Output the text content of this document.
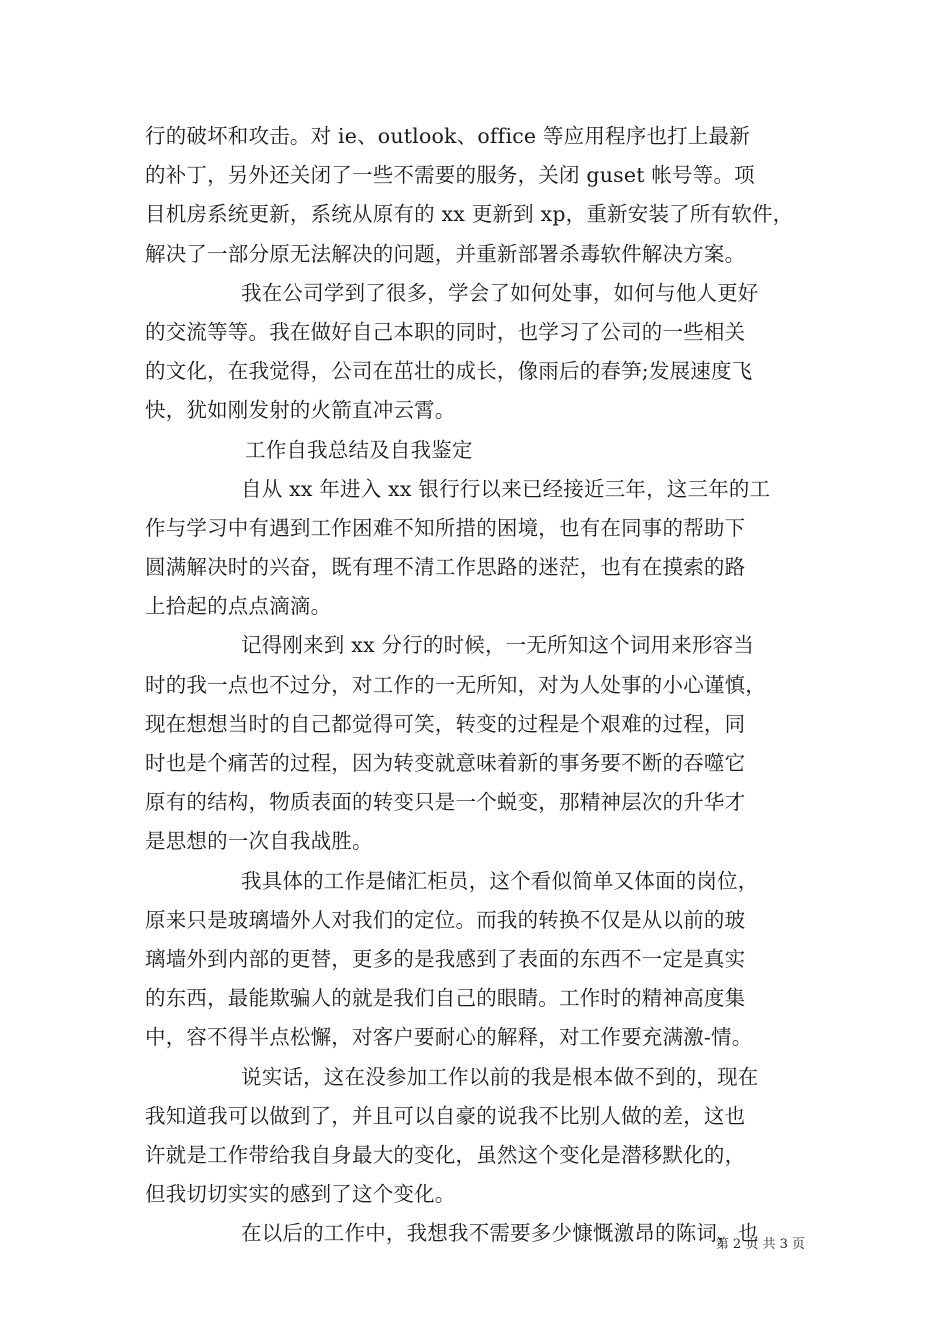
行的破坏和攻击。对 ie、outlook、office 等应用程序也打上最新
的补丁，另外还关闭了一些不需要的服务，关闭 guset 帐号等。项
目机房系统更新，系统从原有的 xx 更新到 xp，重新安装了所有软件，
解决了一部分原无法解决的问题，并重新部署杀毒软件解决方案。
我在公司学到了很多，学会了如何处事，如何与他人更好
的交流等等。我在做好自己本职的同时，也学习了公司的一些相关
的文化，在我觉得，公司在茁壮的成长，像雨后的春笋;发展速度飞
快，犹如刚发射的火箭直冲云霄。
工作自我总结及自我鉴定
自从 xx 年进入 xx 银行行以来已经接近三年，这三年的工
作与学习中有遇到工作困难不知所措的困境，也有在同事的帮助下
圆满解决时的兴奋，既有理不清工作思路的迷茫，也有在摸索的路
上拾起的点点滴滴。
记得刚来到 xx 分行的时候，一无所知这个词用来形容当
时的我一点也不过分，对工作的一无所知，对为人处事的小心谨慎，
现在想想当时的自己都觉得可笑，转变的过程是个艰难的过程，同
时也是个痛苦的过程，因为转变就意味着新的事务要不断的吞噬它
原有的结构，物质表面的转变只是一个蜕变，那精神层次的升华才
是思想的一次自我战胜。
我具体的工作是储汇柜员，这个看似简单又体面的岗位，
原来只是玻璃墙外人对我们的定位。而我的转换不仅是从以前的玻
璃墙外到内部的更替，更多的是我感到了表面的东西不一定是真实
的东西，最能欺骗人的就是我们自己的眼睛。工作时的精神高度集
中，容不得半点松懈，对客户要耐心的解释，对工作要充满激-情。
说实话，这在没参加工作以前的我是根本做不到的，现在
我知道我可以做到了，并且可以自豪的说我不比别人做的差，这也
许就是工作带给我自身最大的变化，虽然这个变化是潜移默化的，
但我切切实实的感到了这个变化。
在以后的工作中，我想我不需要多少慷慨激昂的陈词，也
第 2 页 共 3 页
